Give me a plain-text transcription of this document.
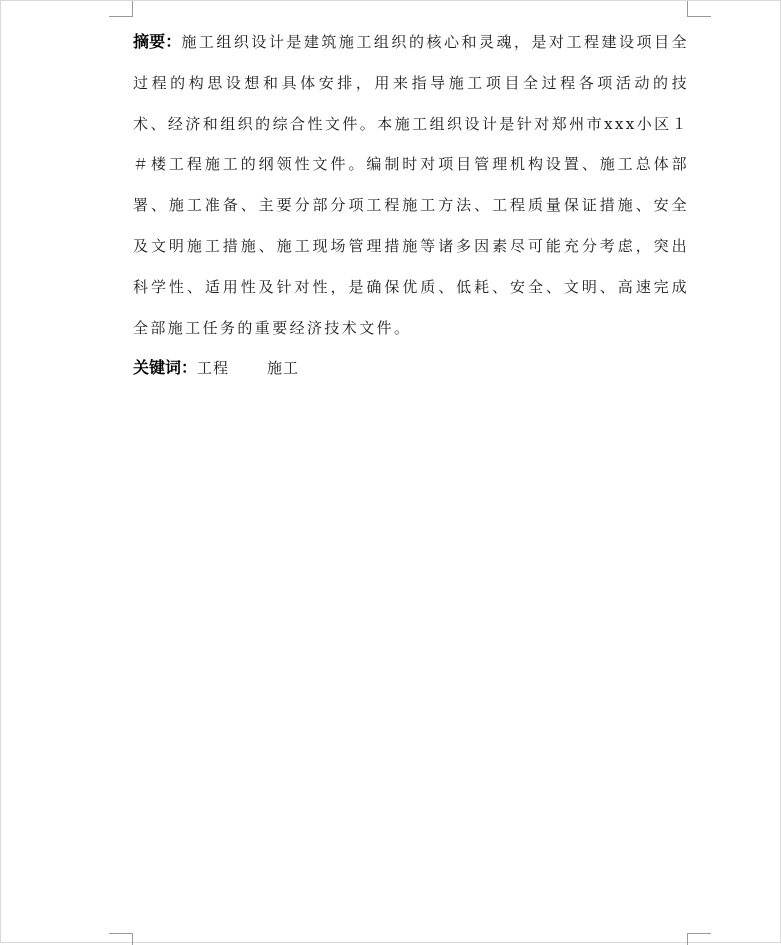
摘要：施工组织设计是建筑施工组织的核心和灵魂，是对工程建设项目全过程的构思设想和具体安排，用来指导施工项目全过程各项活动的技术、经济和组织的综合性文件。本施工组织设计是针对郑州市xxx小区１＃楼工程施工的纲领性文件。编制时对项目管理机构设置、施工总体部署、施工准备、主要分部分项工程施工方法、工程质量保证措施、安全及文明施工措施、施工现场管理措施等诸多因素尽可能充分考虑，突出科学性、适用性及针对性，是确保优质、低耗、安全、文明、高速完成全部施工任务的重要经济技术文件。

关键词：工程	施工
